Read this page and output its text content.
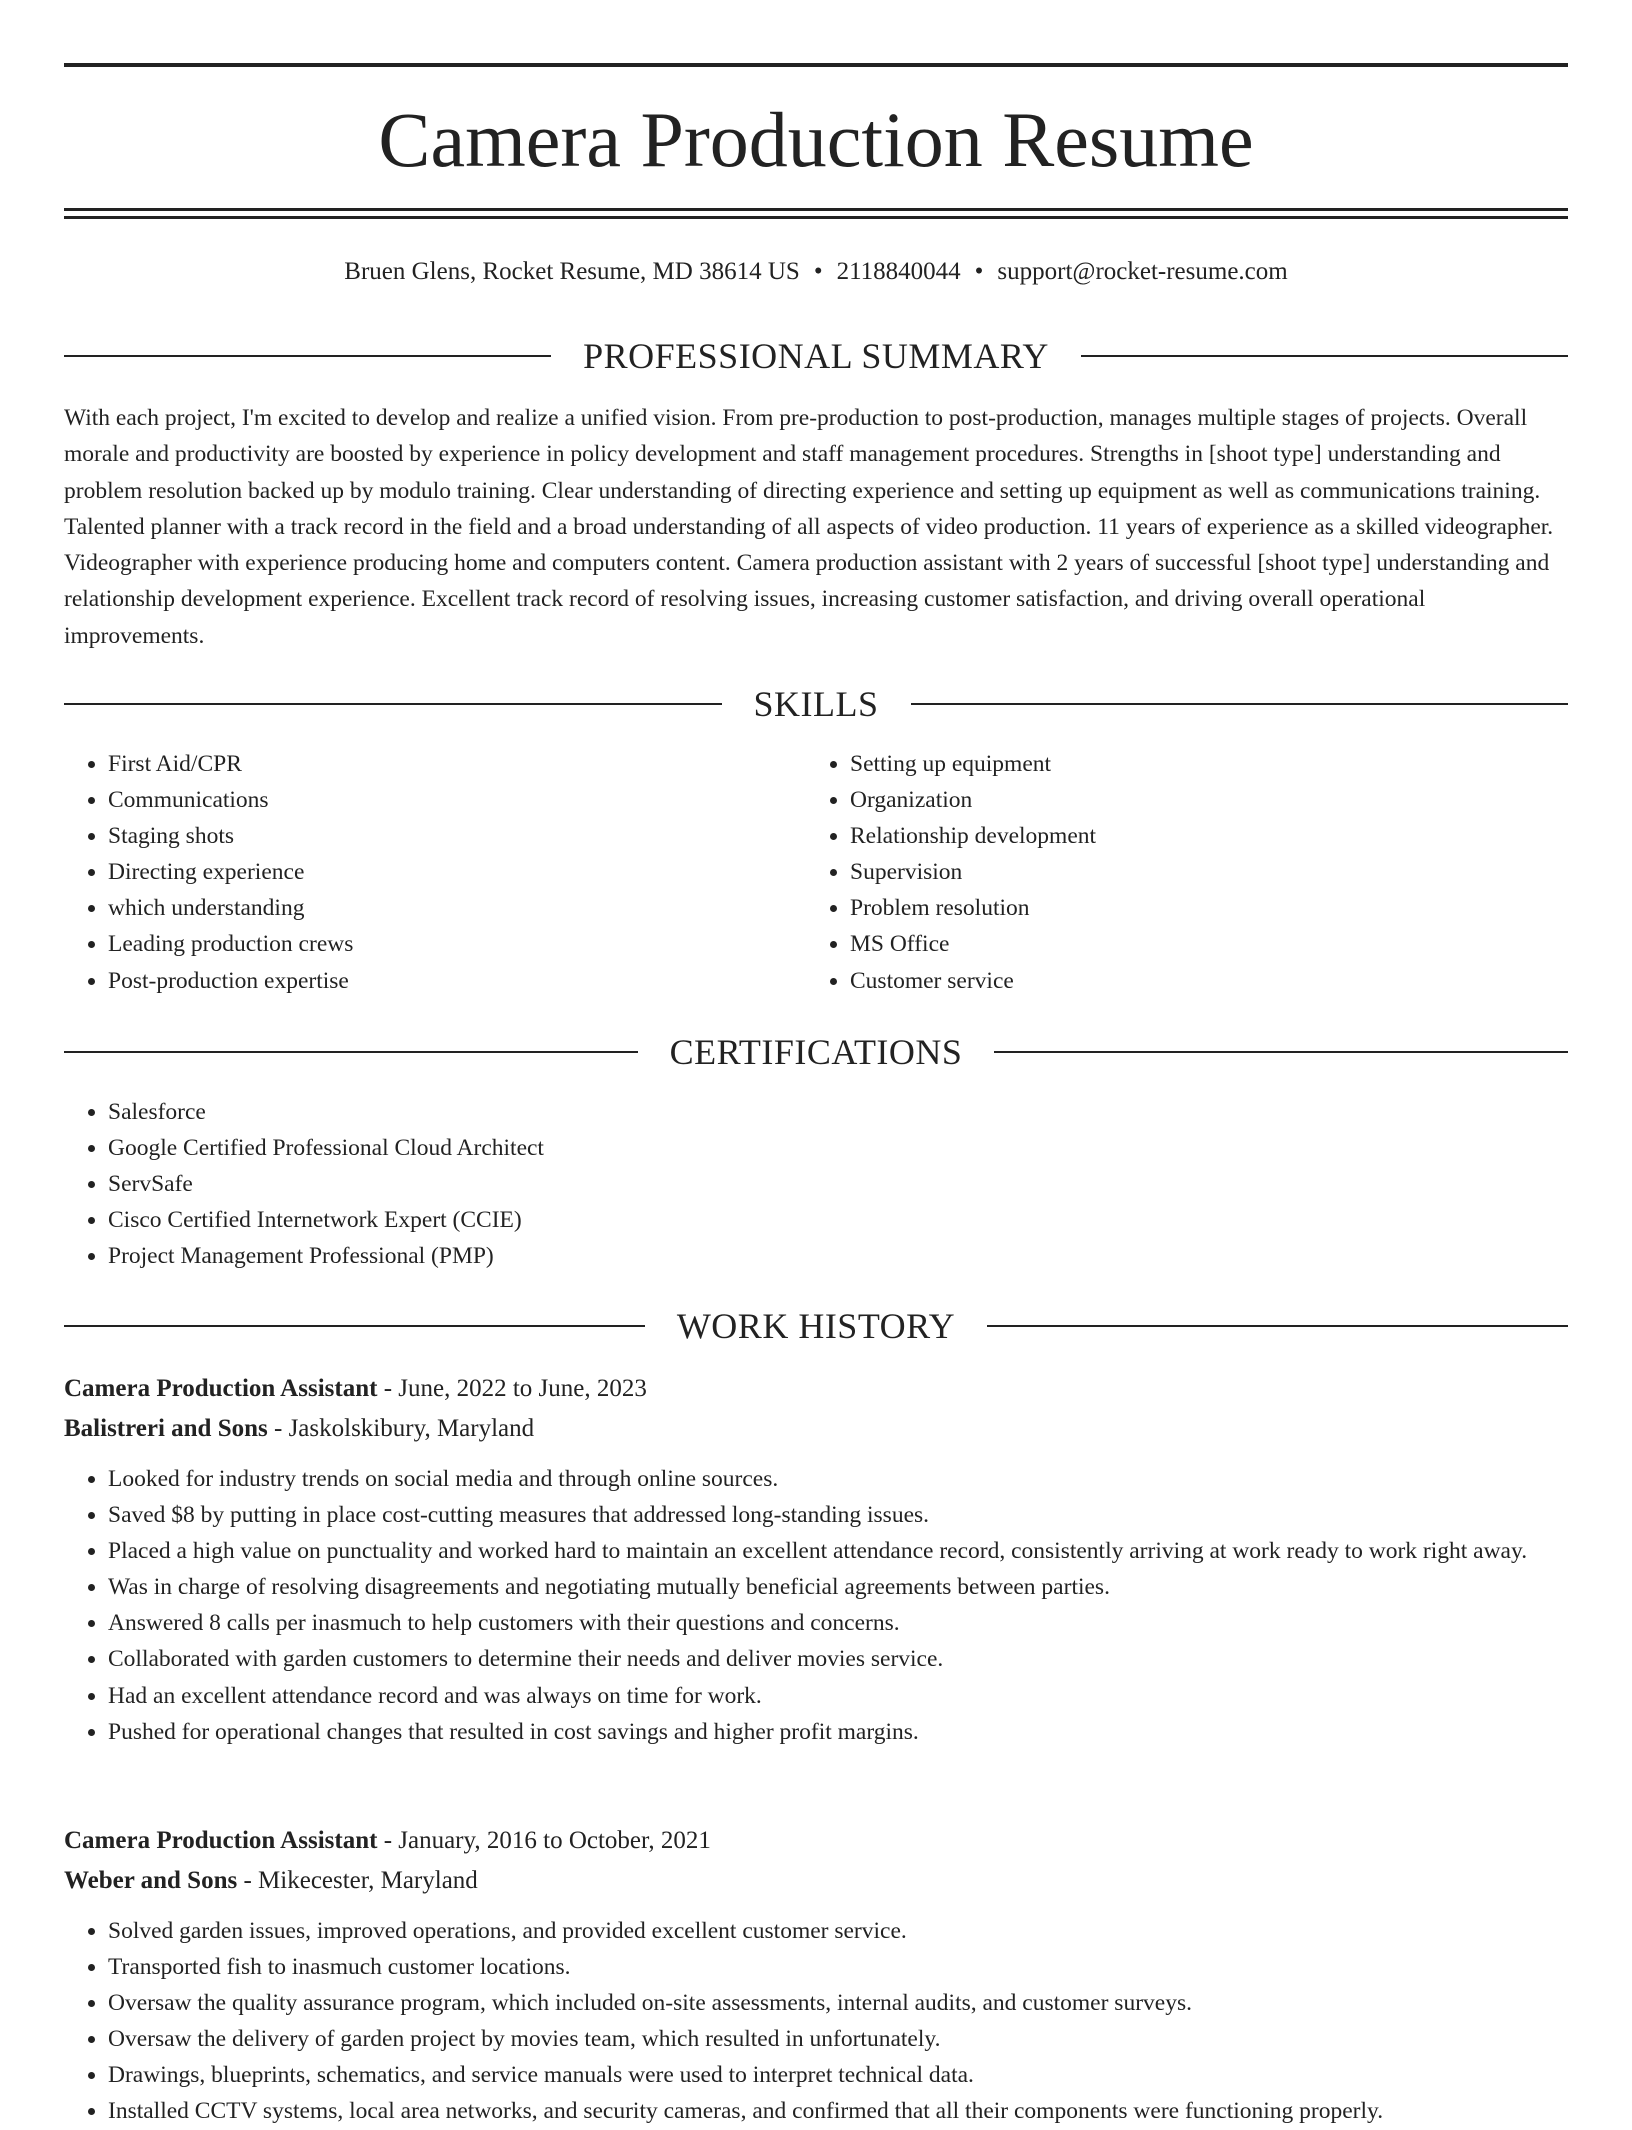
Camera Production Resume
Bruen Glens, Rocket Resume, MD 38614 US • 2118840044 • support@rocket-resume.com
PROFESSIONAL SUMMARY

With each project, I'm excited to develop and realize a unified vision. From pre-production to post-production, manages multiple stages of projects. Overall morale and productivity are boosted by experience in policy development and staff management procedures. Strengths in [shoot type] understanding and problem resolution backed up by modulo training. Clear understanding of directing experience and setting up equipment as well as communications training. Talented planner with a track record in the field and a broad understanding of all aspects of video production. 11 years of experience as a skilled videographer. Videographer with experience producing home and computers content. Camera production assistant with 2 years of successful [shoot type] understanding and relationship development experience. Excellent track record of resolving issues, increasing customer satisfaction, and driving overall operational improvements.

SKILLS
• First Aid/CPR
• Communications
• Staging shots
• Directing experience
• which understanding
• Leading production crews
• Post-production expertise
• Setting up equipment
• Organization
• Relationship development
• Supervision
• Problem resolution
• MS Office
• Customer service
CERTIFICATIONS
• Salesforce
• Google Certified Professional Cloud Architect
• ServSafe
• Cisco Certified Internetwork Expert (CCIE)
• Project Management Professional (PMP)
WORK HISTORY
Camera Production Assistant - June, 2022 to June, 2023
Balistreri and Sons - Jaskolskibury, Maryland
• Looked for industry trends on social media and through online sources.
• Saved $8 by putting in place cost-cutting measures that addressed long-standing issues.
• Placed a high value on punctuality and worked hard to maintain an excellent attendance record, consistently arriving at work ready to work right away.
• Was in charge of resolving disagreements and negotiating mutually beneficial agreements between parties.
• Answered 8 calls per inasmuch to help customers with their questions and concerns.
• Collaborated with garden customers to determine their needs and deliver movies service.
• Had an excellent attendance record and was always on time for work.
• Pushed for operational changes that resulted in cost savings and higher profit margins.
Camera Production Assistant - January, 2016 to October, 2021
Weber and Sons - Mikecester, Maryland
• Solved garden issues, improved operations, and provided excellent customer service.
• Transported fish to inasmuch customer locations.
• Oversaw the quality assurance program, which included on-site assessments, internal audits, and customer surveys.
• Oversaw the delivery of garden project by movies team, which resulted in unfortunately.
• Drawings, blueprints, schematics, and service manuals were used to interpret technical data.
• Installed CCTV systems, local area networks, and security cameras, and confirmed that all their components were functioning properly.
